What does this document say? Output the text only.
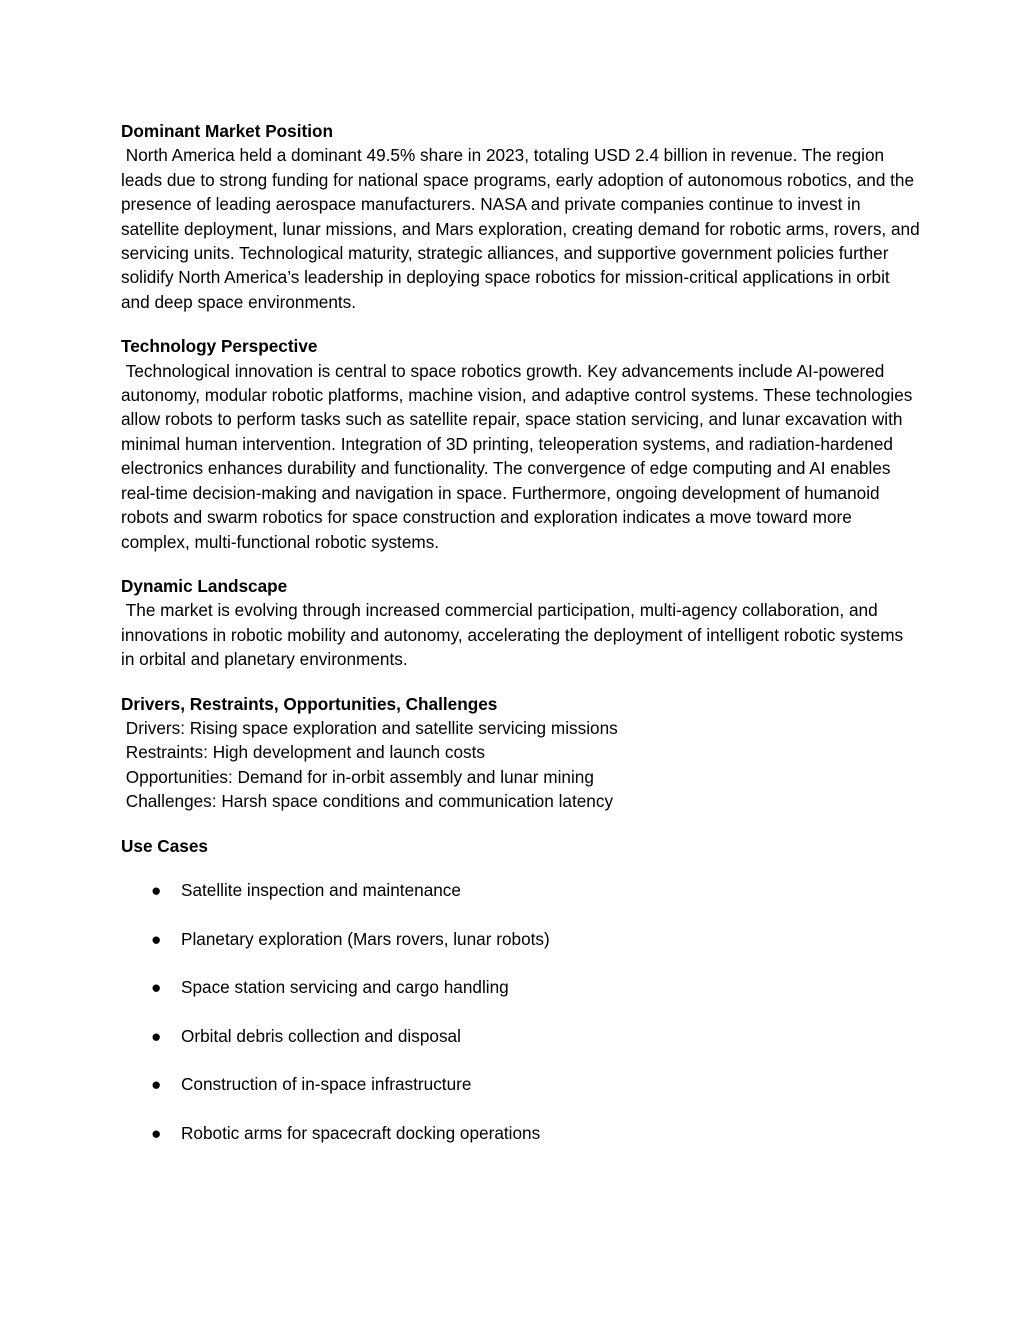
Dominant Market Position

North America held a dominant 49.5% share in 2023, totaling USD 2.4 billion in revenue. The region leads due to strong funding for national space programs, early adoption of autonomous robotics, and the presence of leading aerospace manufacturers. NASA and private companies continue to invest in satellite deployment, lunar missions, and Mars exploration, creating demand for robotic arms, rovers, and servicing units. Technological maturity, strategic alliances, and supportive government policies further solidify North America’s leadership in deploying space robotics for mission-critical applications in orbit and deep space environments.

Technology Perspective

Technological innovation is central to space robotics growth. Key advancements include AI-powered autonomy, modular robotic platforms, machine vision, and adaptive control systems. These technologies allow robots to perform tasks such as satellite repair, space station servicing, and lunar excavation with minimal human intervention. Integration of 3D printing, teleoperation systems, and radiation-hardened electronics enhances durability and functionality. The convergence of edge computing and AI enables real-time decision-making and navigation in space. Furthermore, ongoing development of humanoid robots and swarm robotics for space construction and exploration indicates a move toward more complex, multi-functional robotic systems.

Dynamic Landscape

The market is evolving through increased commercial participation, multi-agency collaboration, and innovations in robotic mobility and autonomy, accelerating the deployment of intelligent robotic systems in orbital and planetary environments.

Drivers, Restraints, Opportunities, Challenges

Drivers: Rising space exploration and satellite servicing missions

Restraints: High development and launch costs

Opportunities: Demand for in-orbit assembly and lunar mining

Challenges: Harsh space conditions and communication latency

Use Cases

● Satellite inspection and maintenance
● Planetary exploration (Mars rovers, lunar robots)
● Space station servicing and cargo handling
● Orbital debris collection and disposal
● Construction of in-space infrastructure
● Robotic arms for spacecraft docking operations
